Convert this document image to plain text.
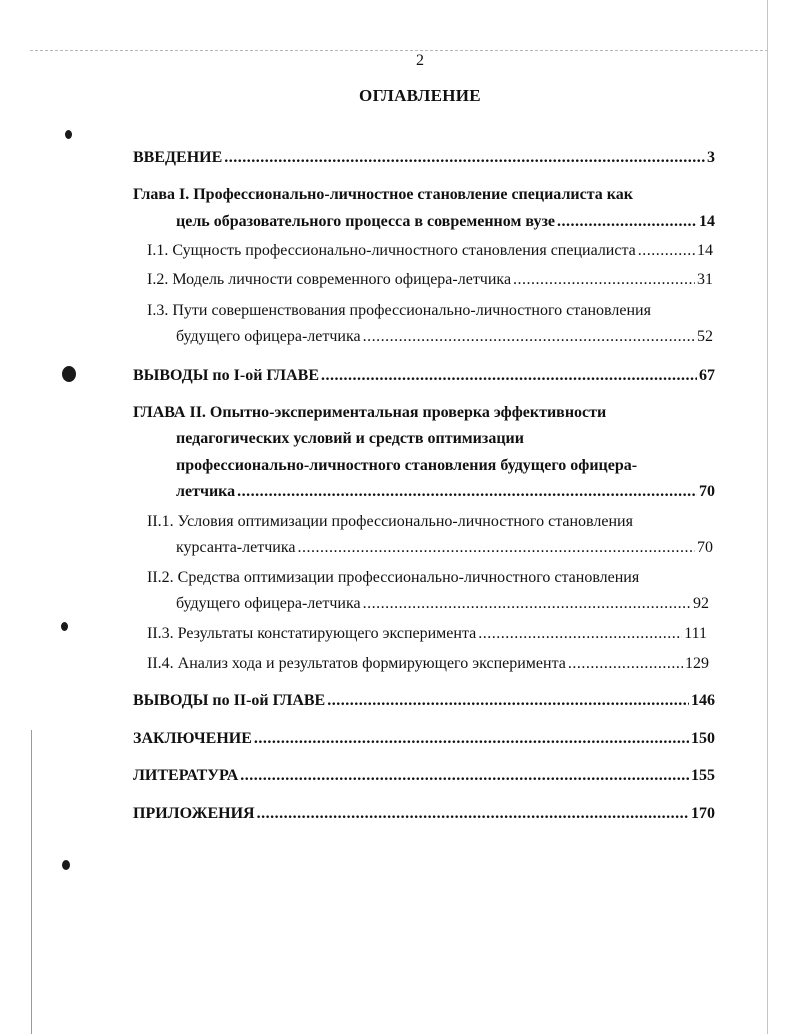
2
ОГЛАВЛЕНИЕ
ВВЕДЕНИЕ .....	3
Глава I. Профессионально-личностное становление специалиста как
цель образовательного процесса в современном вузе .....	14
I.1. Сущность профессионально-личностного становления специалиста .....	14
I.2. Модель личности современного офицера-летчика .....	31
I.3. Пути совершенствования профессионально-личностного становления
будущего офицера-летчика .....	52
ВЫВОДЫ по I-ой ГЛАВЕ .....	67
ГЛАВА II. Опытно-экспериментальная проверка эффективности
педагогических условий и средств оптимизации
профессионально-личностного становления будущего офицера-
летчика .....	70
II.1. Условия оптимизации профессионально-личностного становления
курсанта-летчика .....	70
II.2. Средства оптимизации профессионально-личностного становления
будущего офицера-летчика .....	92
II.3. Результаты констатирующего эксперимента .....	111
II.4. Анализ хода и результатов формирующего эксперимента .....	129
ВЫВОДЫ по II-ой ГЛАВЕ .....	146
ЗАКЛЮЧЕНИЕ .....	150
ЛИТЕРАТУРА .....	155
ПРИЛОЖЕНИЯ .....	170
